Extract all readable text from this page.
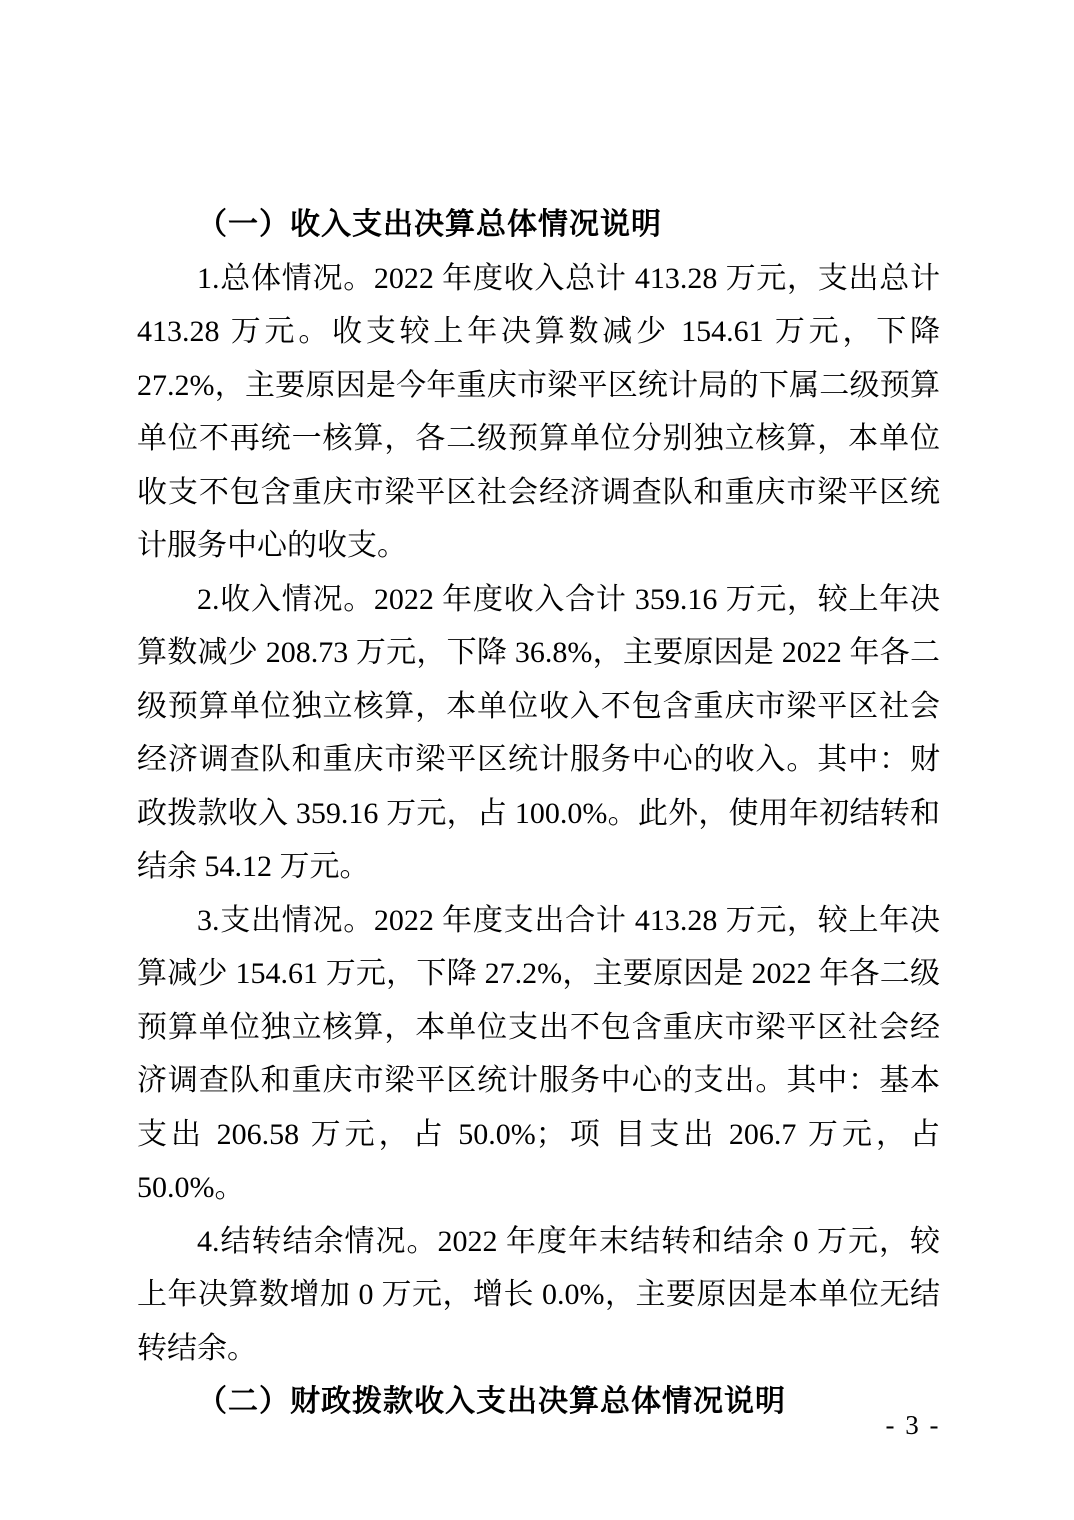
（一）收入支出决算总体情况说明

1.总体情况。2022 年度收入总计 413.28 万元，支出总计 413.28 万元。收支较上年决算数减少 154.61 万元，下降 27.2%，主要原因是今年重庆市梁平区统计局的下属二级预算单位不再统一核算，各二级预算单位分别独立核算，本单位收支不包含重庆市梁平区社会经济调查队和重庆市梁平区统计服务中心的收支。

2.收入情况。2022 年度收入合计 359.16 万元，较上年决算数减少 208.73 万元，下降 36.8%，主要原因是 2022 年各二级预算单位独立核算，本单位收入不包含重庆市梁平区社会经济调查队和重庆市梁平区统计服务中心的收入。其中：财政拨款收入 359.16 万元，占 100.0%。此外，使用年初结转和结余 54.12 万元。

3.支出情况。2022 年度支出合计 413.28 万元，较上年决算减少 154.61 万元，下降 27.2%，主要原因是 2022 年各二级预算单位独立核算，本单位支出不包含重庆市梁平区社会经济调查队和重庆市梁平区统计服务中心的支出。其中：基本支出 206.58 万元，占 50.0%；项 目支出 206.7 万元，占 50.0%。

4.结转结余情况。2022 年度年末结转和结余 0 万元，较上年决算数增加 0 万元，增长 0.0%，主要原因是本单位无结转结余。

（二）财政拨款收入支出决算总体情况说明
- 3 -
